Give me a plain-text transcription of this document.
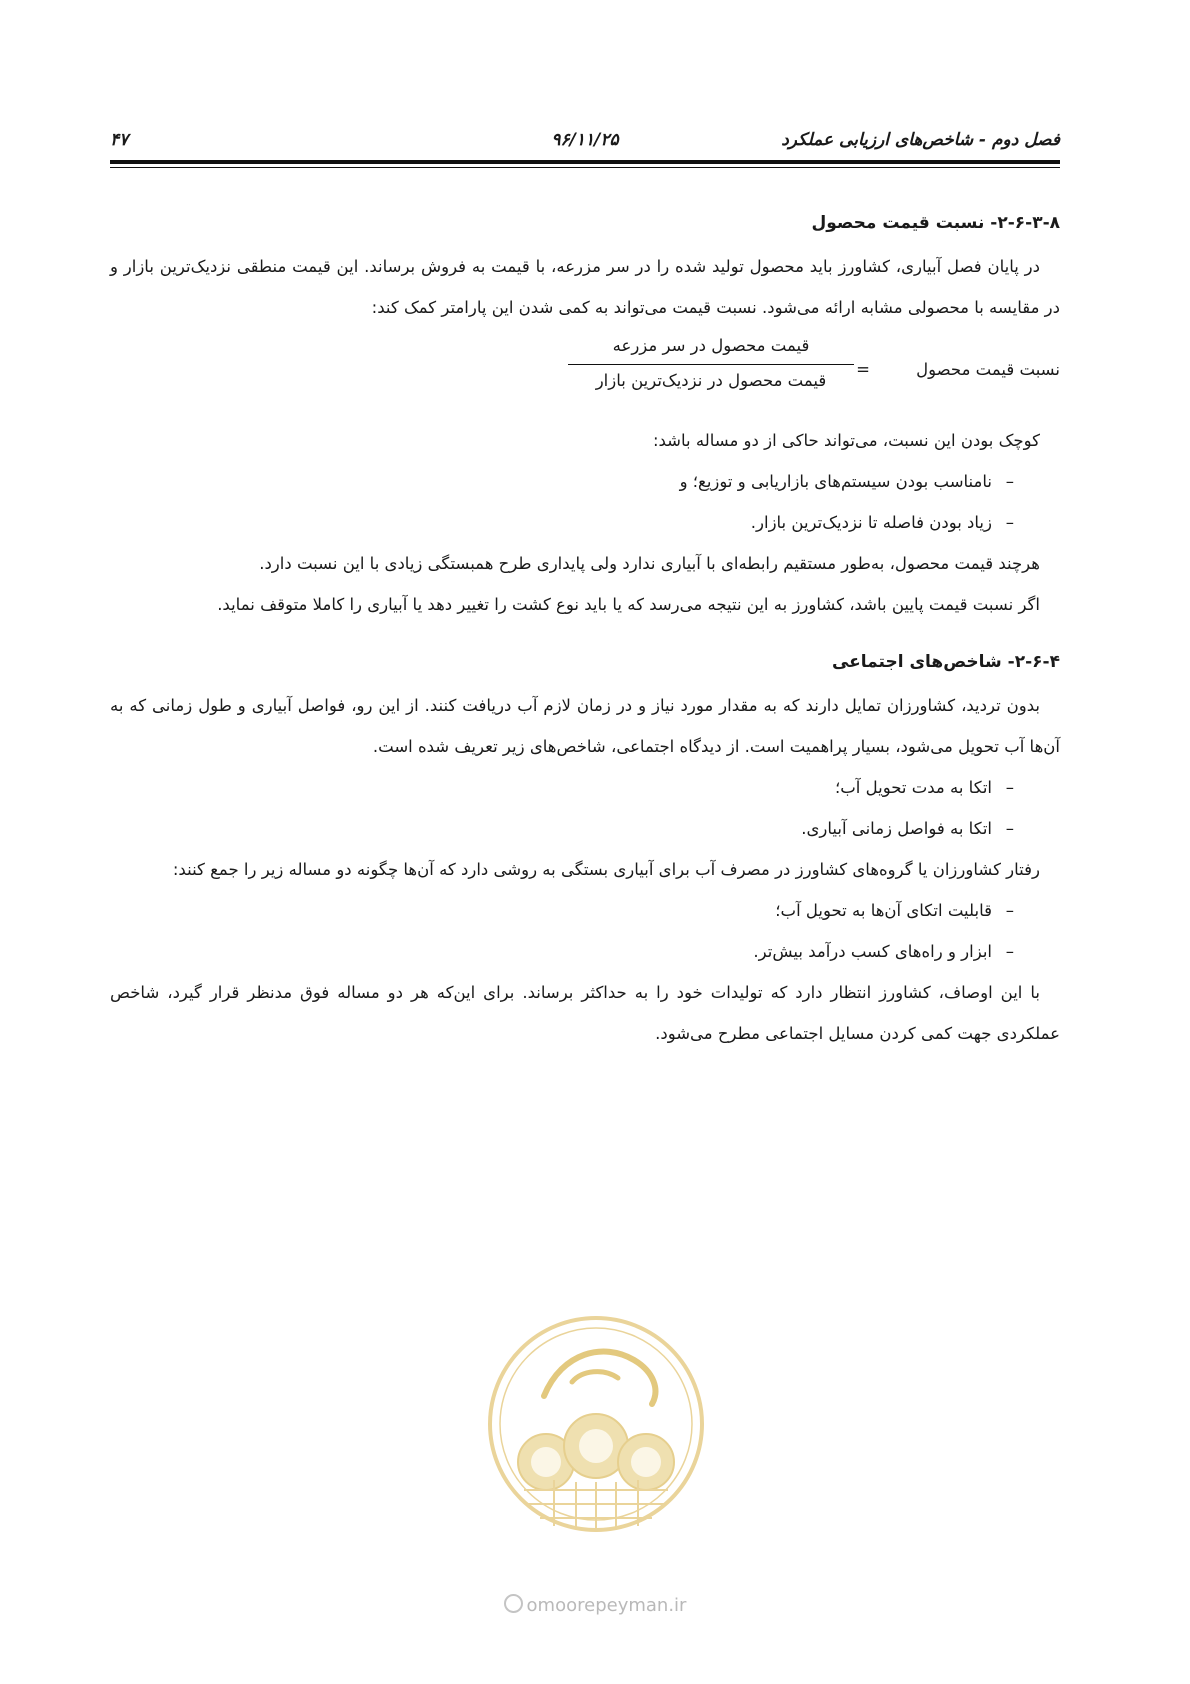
فصل دوم - شاخص‌های ارزیابی عملکرد
۹۶/۱۱/۲۵
۴۷
۲-۶-۳-۸- نسبت قیمت محصول

در پایان فصل آبیاری، کشاورز باید محصول تولید شده را در سر مزرعه، با قیمت به فروش برساند. این قیمت منطقی نزدیک‌ترین بازار و در مقایسه با محصولی مشابه ارائه می‌شود. نسبت قیمت می‌تواند به کمی شدن این پارامتر کمک کند:

نسبت قیمت محصول
=
قیمت محصول در سر مزرعه
قیمت محصول در نزدیک‌ترین بازار

کوچک بودن این نسبت، می‌تواند حاکی از دو مساله باشد:

–
نامناسب بودن سیستم‌های بازاریابی و توزیع؛ و
–
زیاد بودن فاصله تا نزدیک‌ترین بازار.

هرچند قیمت محصول، به‌طور مستقیم رابطه‌ای با آبیاری ندارد ولی پایداری طرح همبستگی زیادی با این نسبت دارد.

اگر نسبت قیمت پایین باشد، کشاورز به این نتیجه می‌رسد که یا باید نوع کشت را تغییر دهد یا آبیاری را کاملا متوقف نماید.

۲-۶-۴- شاخص‌های اجتماعی

بدون تردید، کشاورزان تمایل دارند که به مقدار مورد نیاز و در زمان لازم آب دریافت کنند. از این رو، فواصل آبیاری و طول زمانی که به آن‌ها آب تحویل می‌شود، بسیار پراهمیت است. از دیدگاه اجتماعی، شاخص‌های زیر تعریف شده است.

–
اتکا به مدت تحویل آب؛
–
اتکا به فواصل زمانی آبیاری.

رفتار کشاورزان یا گروه‌های کشاورز در مصرف آب برای آبیاری بستگی به روشی دارد که آن‌ها چگونه دو مساله زیر را جمع کنند:

–
قابلیت اتکای آن‌ها به تحویل آب؛
–
ابزار و راه‌های کسب درآمد بیش‌تر.

با این اوصاف، کشاورز انتظار دارد که تولیدات خود را به حداکثر برساند. برای این‌که هر دو مساله فوق مدنظر قرار گیرد، شاخص عملکردی جهت کمی کردن مسایل اجتماعی مطرح می‌شود.

omoorepeyman.ir
